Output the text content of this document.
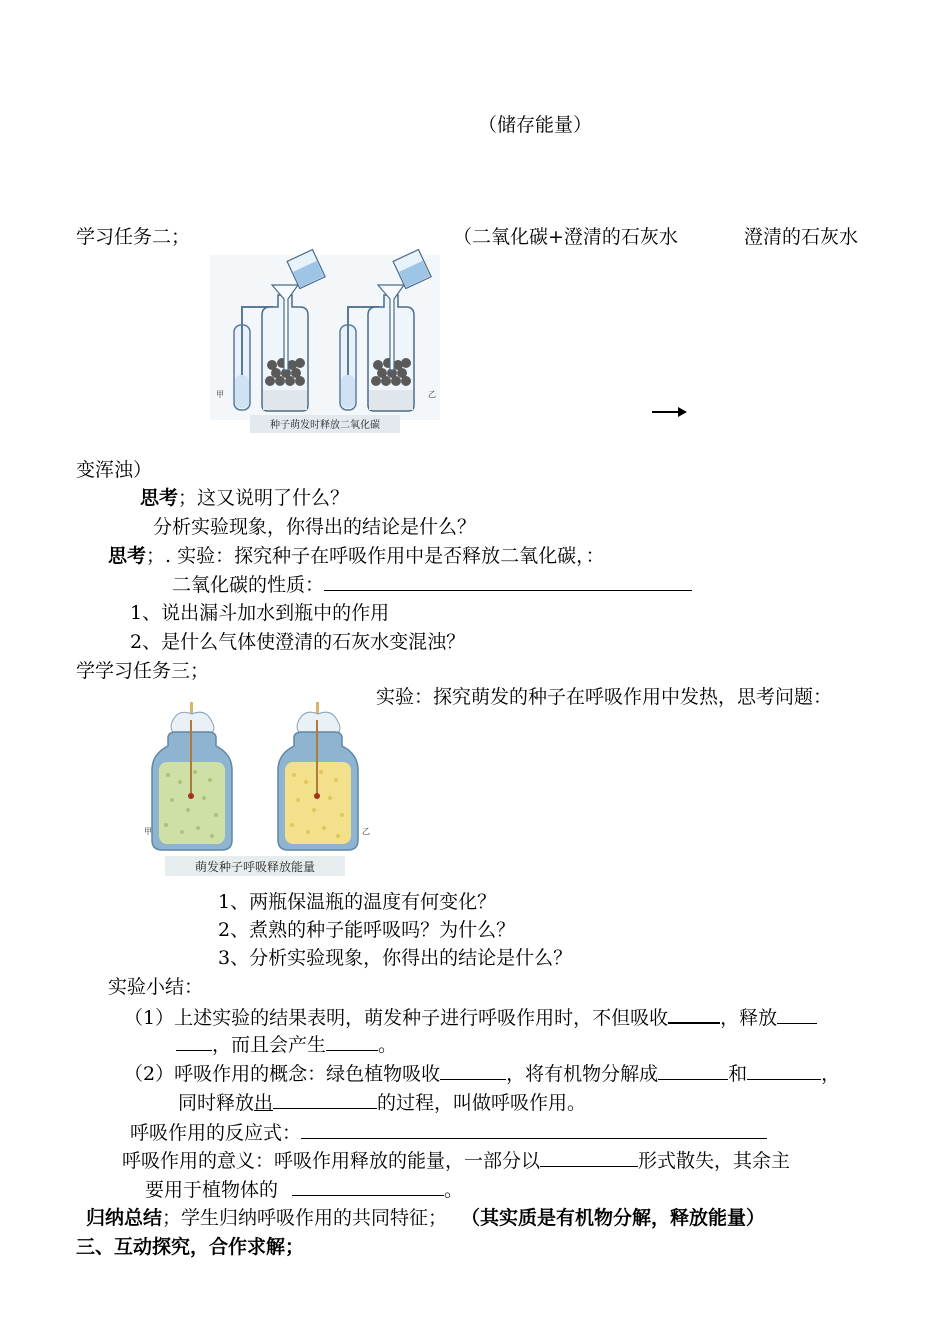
（储存能量）
学习任务二；	（二氧化碳+澄清的石灰水	澄清的石灰水
甲	乙
种子萌发时释放二氧化碳
变浑浊）
思考；这又说明了什么？
分析实验现象，你得出的结论是什么？
思考；. 实验：探究种子在呼吸作用中是否释放二氧化碳，：
二氧化碳的性质：
1、说出漏斗加水到瓶中的作用
2、是什么气体使澄清的石灰水变混浊？
学学习任务三；
实验：探究萌发的种子在呼吸作用中发热，思考问题：
甲	乙
萌发种子呼吸释放能量
1、两瓶保温瓶的温度有何变化？
2、煮熟的种子能呼吸吗？为什么？
3、分析实验现象，你得出的结论是什么？
实验小结：
（1）上述实验的结果表明，萌发种子进行呼吸作用时，不但吸收	，释放
，而且会产生	。
（2）呼吸作用的概念：绿色植物吸收	，将有机物分解成	和	，
同时释放出	的过程，叫做呼吸作用。
呼吸作用的反应式：
呼吸作用的意义：呼吸作用释放的能量，一部分以	形式散失，其余主
要用于植物体的	。
归纳总结；学生归纳呼吸作用的共同特征； （其实质是有机物分解，释放能量）
三、互动探究，合作求解；
